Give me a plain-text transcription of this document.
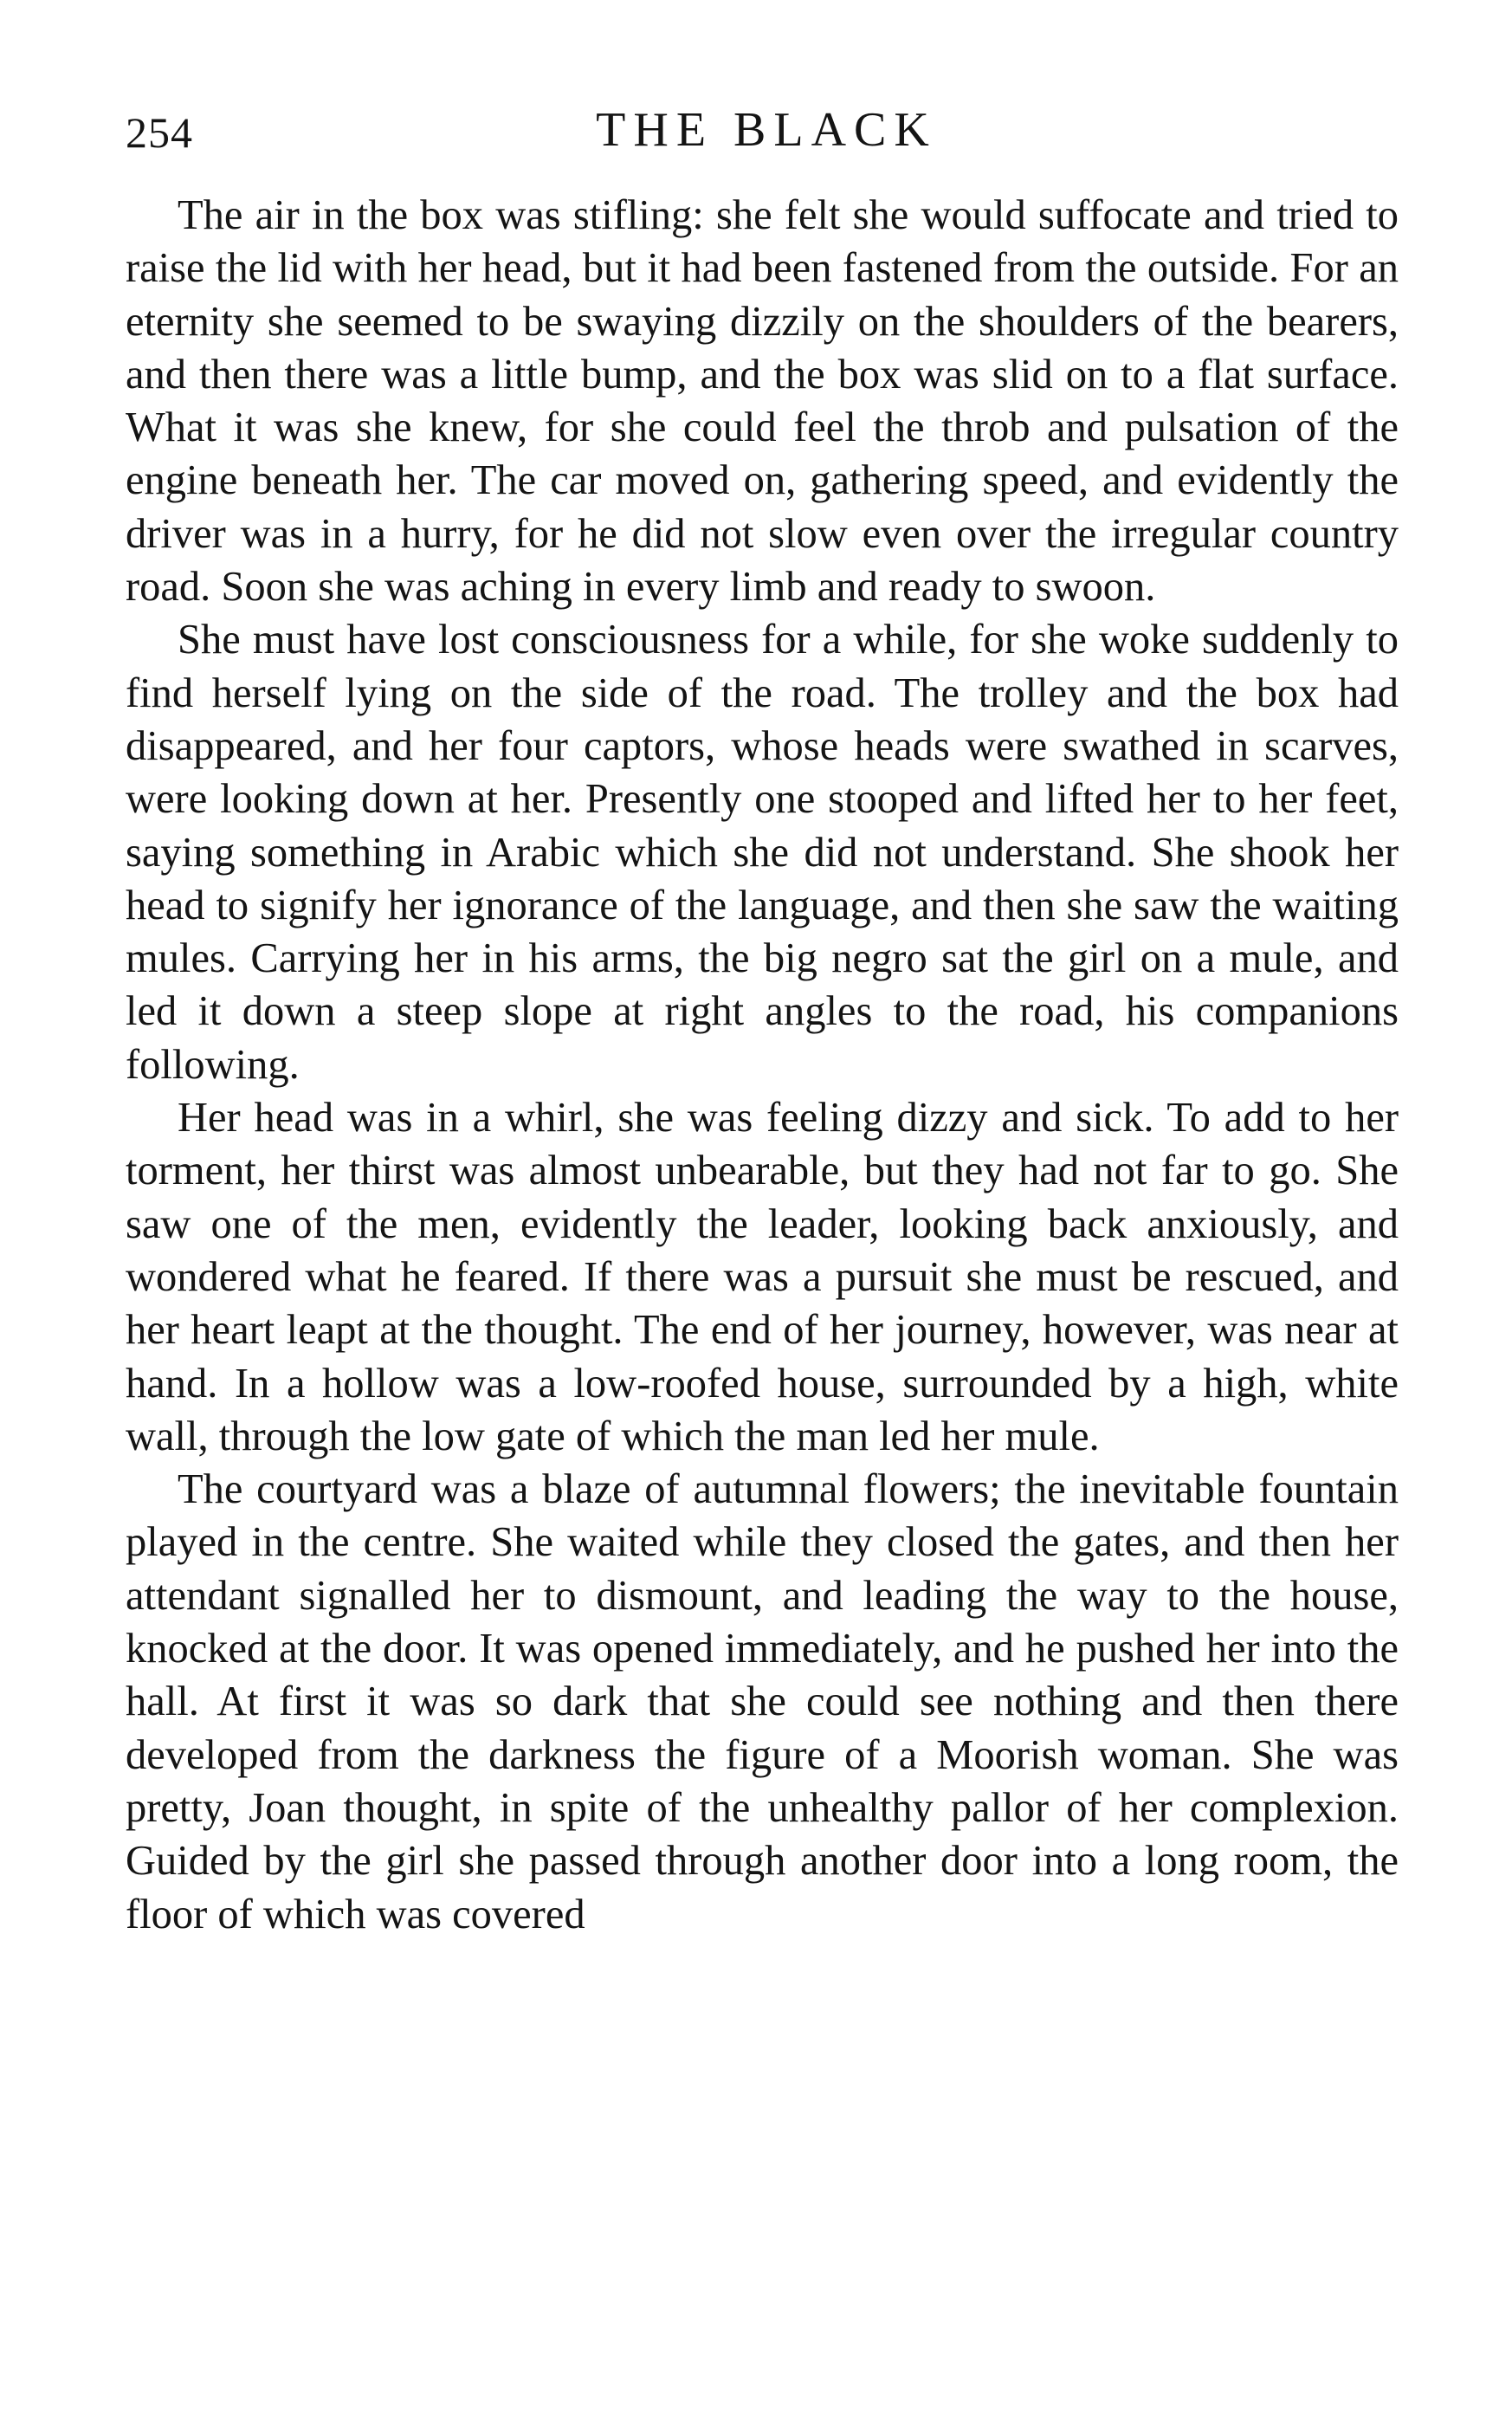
254	THE BLACK

The air in the box was stifling: she felt she would suffocate and tried to raise the lid with her head, but it had been fastened from the outside. For an eternity she seemed to be swaying dizzily on the shoulders of the bearers, and then there was a little bump, and the box was slid on to a flat surface. What it was she knew, for she could feel the throb and pulsation of the engine beneath her. The car moved on, gathering speed, and evidently the driver was in a hurry, for he did not slow even over the irregular country road. Soon she was aching in every limb and ready to swoon.

She must have lost consciousness for a while, for she woke suddenly to find herself lying on the side of the road. The trolley and the box had disappeared, and her four captors, whose heads were swathed in scarves, were looking down at her. Presently one stooped and lifted her to her feet, saying something in Arabic which she did not understand. She shook her head to signify her ignorance of the language, and then she saw the waiting mules. Carrying her in his arms, the big negro sat the girl on a mule, and led it down a steep slope at right angles to the road, his companions following.

Her head was in a whirl, she was feeling dizzy and sick. To add to her torment, her thirst was almost unbearable, but they had not far to go. She saw one of the men, evidently the leader, looking back anxiously, and wondered what he feared. If there was a pursuit she must be rescued, and her heart leapt at the thought. The end of her journey, however, was near at hand. In a hollow was a low-roofed house, surrounded by a high, white wall, through the low gate of which the man led her mule.

The courtyard was a blaze of autumnal flowers; the inevitable fountain played in the centre. She waited while they closed the gates, and then her attendant signalled her to dismount, and leading the way to the house, knocked at the door. It was opened immediately, and he pushed her into the hall. At first it was so dark that she could see nothing and then there developed from the darkness the figure of a Moorish woman. She was pretty, Joan thought, in spite of the unhealthy pallor of her complexion. Guided by the girl she passed through another door into a long room, the floor of which was covered
